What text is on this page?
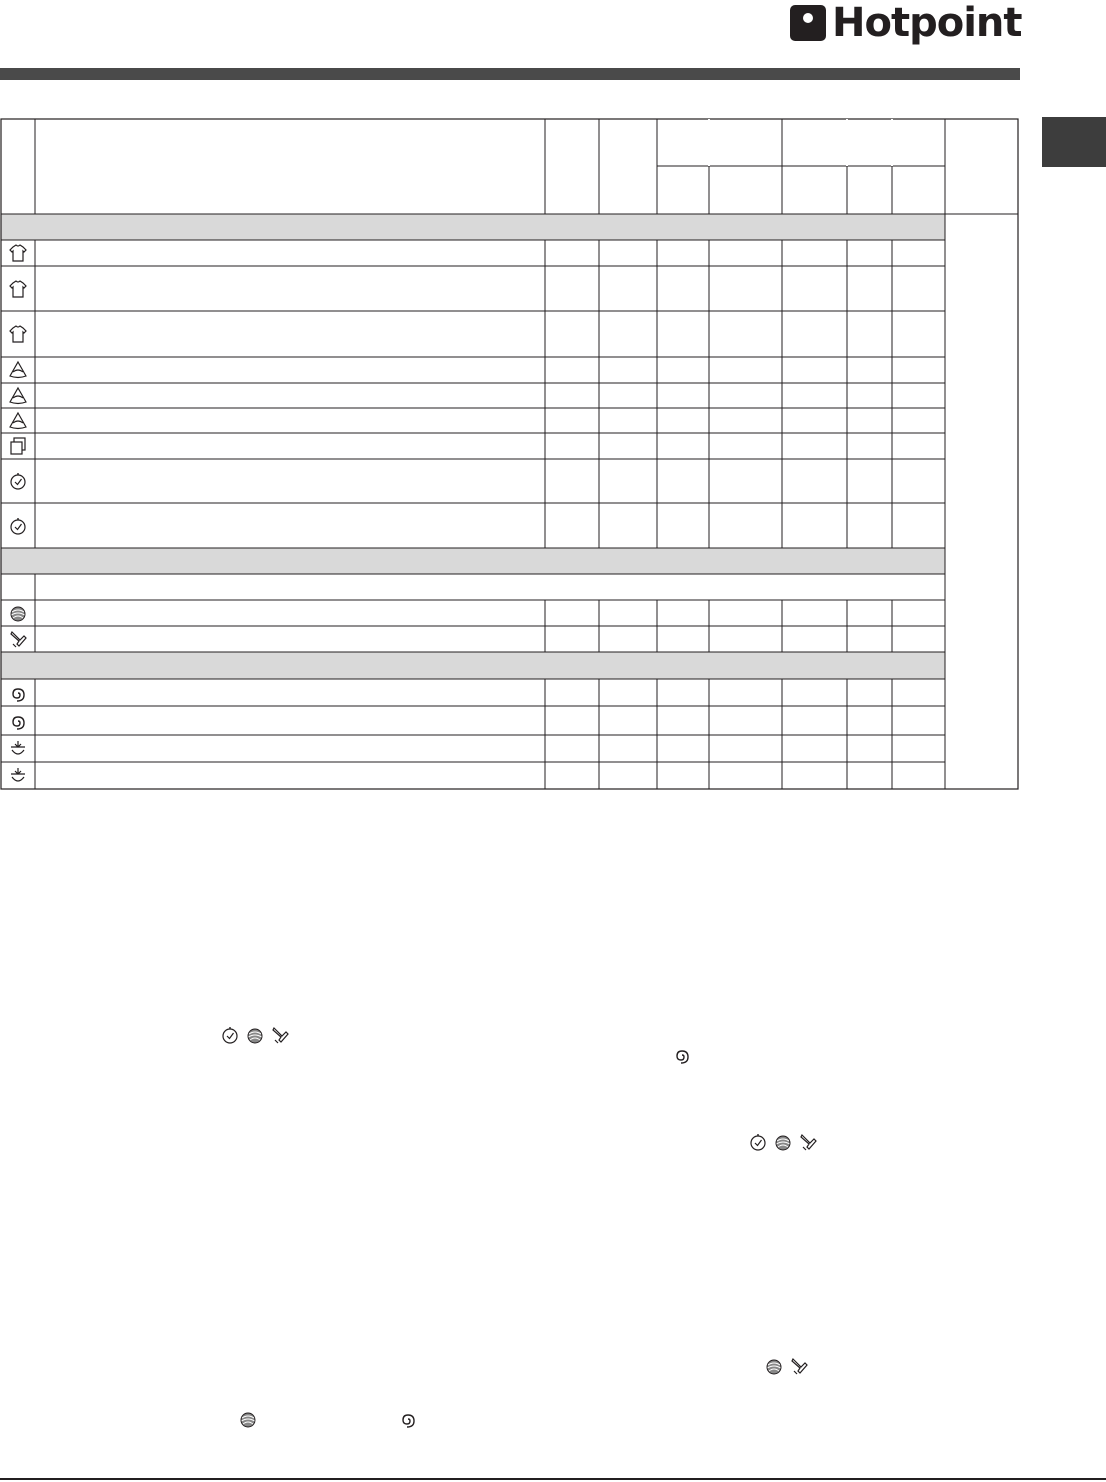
Hotpoint
